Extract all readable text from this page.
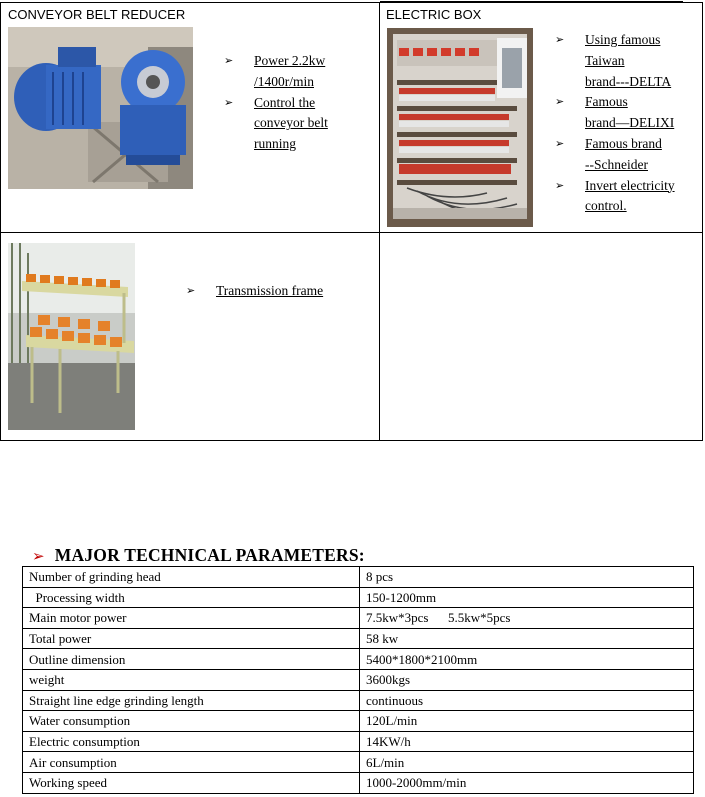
CONVEYOR BELT REDUCER
➢ Power 2.2kw
/1400r/min
➢ Control the
conveyor belt
running
ELECTRIC BOX
➢ Using famous
Taiwan
brand---DELTA
➢ Famous
brand—DELIXI
➢ Famous brand
--Schneider
➢ Invert electricity
control.
➢ Transmission frame
➢ MAJOR TECHNICAL PARAMETERS:
Number of grinding head	8 pcs
Processing width	150-1200mm
Main motor power	7.5kw*3pcs      5.5kw*5pcs
Total power	58 kw
Outline dimension	5400*1800*2100mm
weight	3600kgs
Straight line edge grinding length	continuous
Water consumption	120L/min
Electric consumption	14KW/h
Air consumption	6L/min
Working speed	1000-2000mm/min
